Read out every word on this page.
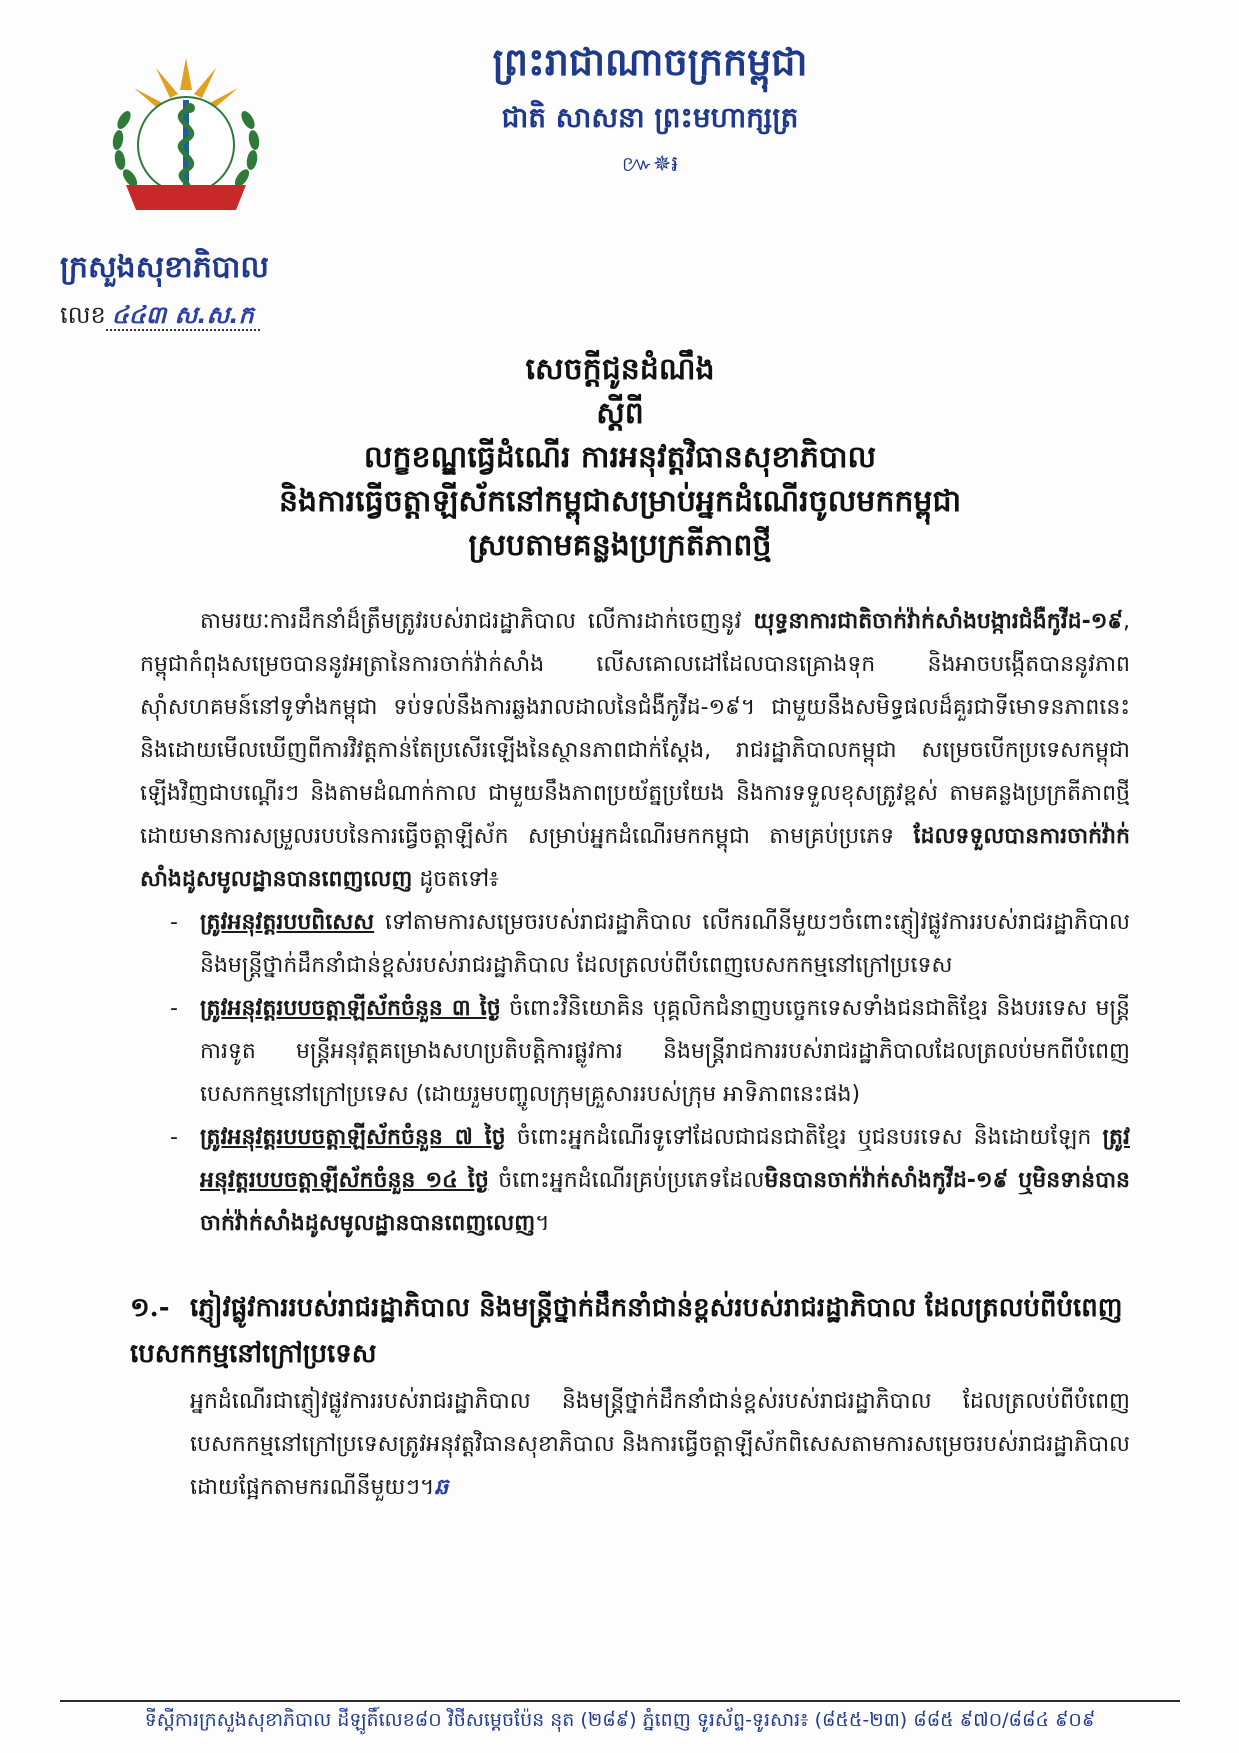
ព្រះរាជាណាចក្រកម្ពុជា
ជាតិ សាសនា ព្រះមហាក្សត្រ
៚✵៛
ក្រសួងសុខាភិបាល
លេខ ៤៤៣ ស.ស.ក
សេចក្តីជូនដំណឹង
ស្តីពី
លក្ខខណ្ឌធ្វើដំណើរ ការអនុវត្តវិធានសុខាភិបាល
និងការធ្វើចត្តាឡីស័កនៅកម្ពុជាសម្រាប់អ្នកដំណើរចូលមកកម្ពុជា
ស្របតាមគន្លងប្រក្រតីភាពថ្មី

តាមរយៈការដឹកនាំដ៏ត្រឹមត្រូវរបស់រាជរដ្ឋាភិបាល លើការដាក់ចេញនូវ យុទ្ធនាការជាតិចាក់វ៉ាក់សាំងបង្ការជំងឺកូវីដ-១៩, កម្ពុជាកំពុងសម្រេចបាននូវអត្រានៃការចាក់វ៉ាក់សាំង លើសគោលដៅដែលបានគ្រោងទុក និងអាចបង្កើតបាននូវភាពស៊ាំសហគមន៍នៅទូទាំងកម្ពុជា ទប់ទល់នឹងការឆ្លងរាលដាលនៃជំងឺកូវីដ-១៩។ ជាមួយនឹងសមិទ្ធផលដ៏គួរជាទីមោទនភាពនេះ និងដោយមើលឃើញពីការវិវត្តកាន់តែប្រសើរឡើងនៃស្ថានភាពជាក់ស្តែង, រាជរដ្ឋាភិបាលកម្ពុជា សម្រេចបើកប្រទេសកម្ពុជាឡើងវិញជាបណ្តើរៗ និងតាមដំណាក់កាល ជាមួយនឹងភាពប្រយ័ត្នប្រយែង និងការទទួលខុសត្រូវខ្ពស់ តាមគន្លងប្រក្រតីភាពថ្មី ដោយមានការសម្រួលរបបនៃការធ្វើចត្តាឡីស័ក សម្រាប់អ្នកដំណើរមកកម្ពុជា តាមគ្រប់ប្រភេទ ដែលទទួលបានការចាក់វ៉ាក់សាំងដូសមូលដ្ឋានបានពេញលេញ ដូចតទៅ៖

- ត្រូវអនុវត្តរបបពិសេស ទៅតាមការសម្រេចរបស់រាជរដ្ឋាភិបាល លើករណីនីមួយៗចំពោះភ្ញៀវផ្លូវការរបស់រាជរដ្ឋាភិបាល និងមន្ត្រីថ្នាក់ដឹកនាំជាន់ខ្ពស់របស់រាជរដ្ឋាភិបាល ដែលត្រលប់ពីបំពេញបេសកកម្មនៅក្រៅប្រទេស

- ត្រូវអនុវត្តរបបចត្តាឡីស័កចំនួន ៣ ថ្ងៃ ចំពោះវិនិយោគិន បុគ្គលិកជំនាញបច្ចេកទេសទាំងជនជាតិខ្មែរ និងបរទេស មន្ត្រីការទូត មន្ត្រីអនុវត្តគម្រោងសហប្រតិបត្តិការផ្លូវការ និងមន្ត្រីរាជការរបស់រាជរដ្ឋាភិបាលដែលត្រលប់មកពីបំពេញបេសកកម្មនៅក្រៅប្រទេស (ដោយរួមបញ្ចូលក្រុមគ្រួសាររបស់ក្រុម អាទិភាពនេះផង)

- ត្រូវអនុវត្តរបបចត្តាឡីស័កចំនួន ៧ ថ្ងៃ ចំពោះអ្នកដំណើរទូទៅដែលជាជនជាតិខ្មែរ ឬជនបរទេស និងដោយឡែក ត្រូវអនុវត្តរបបចត្តាឡីស័កចំនួន ១៤ ថ្ងៃ ចំពោះអ្នកដំណើរគ្រប់ប្រភេទដែលមិនបានចាក់វ៉ាក់សាំងកូវីដ-១៩ ឬមិនទាន់បានចាក់វ៉ាក់សាំងដូសមូលដ្ឋានបានពេញលេញ។

១.- ភ្ញៀវផ្លូវការរបស់រាជរដ្ឋាភិបាល និងមន្ត្រីថ្នាក់ដឹកនាំជាន់ខ្ពស់របស់រាជរដ្ឋាភិបាល ដែលត្រលប់ពីបំពេញបេសកកម្មនៅក្រៅប្រទេស

អ្នកដំណើរជាភ្ញៀវផ្លូវការរបស់រាជរដ្ឋាភិបាល និងមន្ត្រីថ្នាក់ដឹកនាំជាន់ខ្ពស់របស់រាជរដ្ឋាភិបាល ដែលត្រលប់ពីបំពេញបេសកកម្មនៅក្រៅប្រទេសត្រូវអនុវត្តវិធានសុខាភិបាល និងការធ្វើចត្តាឡីស័កពិសេសតាមការសម្រេចរបស់រាជរដ្ឋាភិបាលដោយផ្អែកតាមករណីនីមួយៗ។ឆ

ទីស្តីការក្រសួងសុខាភិបាល ដីឡូតិ៍លេខ៨០ វិថីសម្តេចប៉ែន នុត (២៨៩) ភ្នំពេញ ទូរស័ព្ទ-ទូរសារ៖ (៨៥៥-២៣) ៨៨៥ ៩៧០/៨៨៤ ៩០៩
